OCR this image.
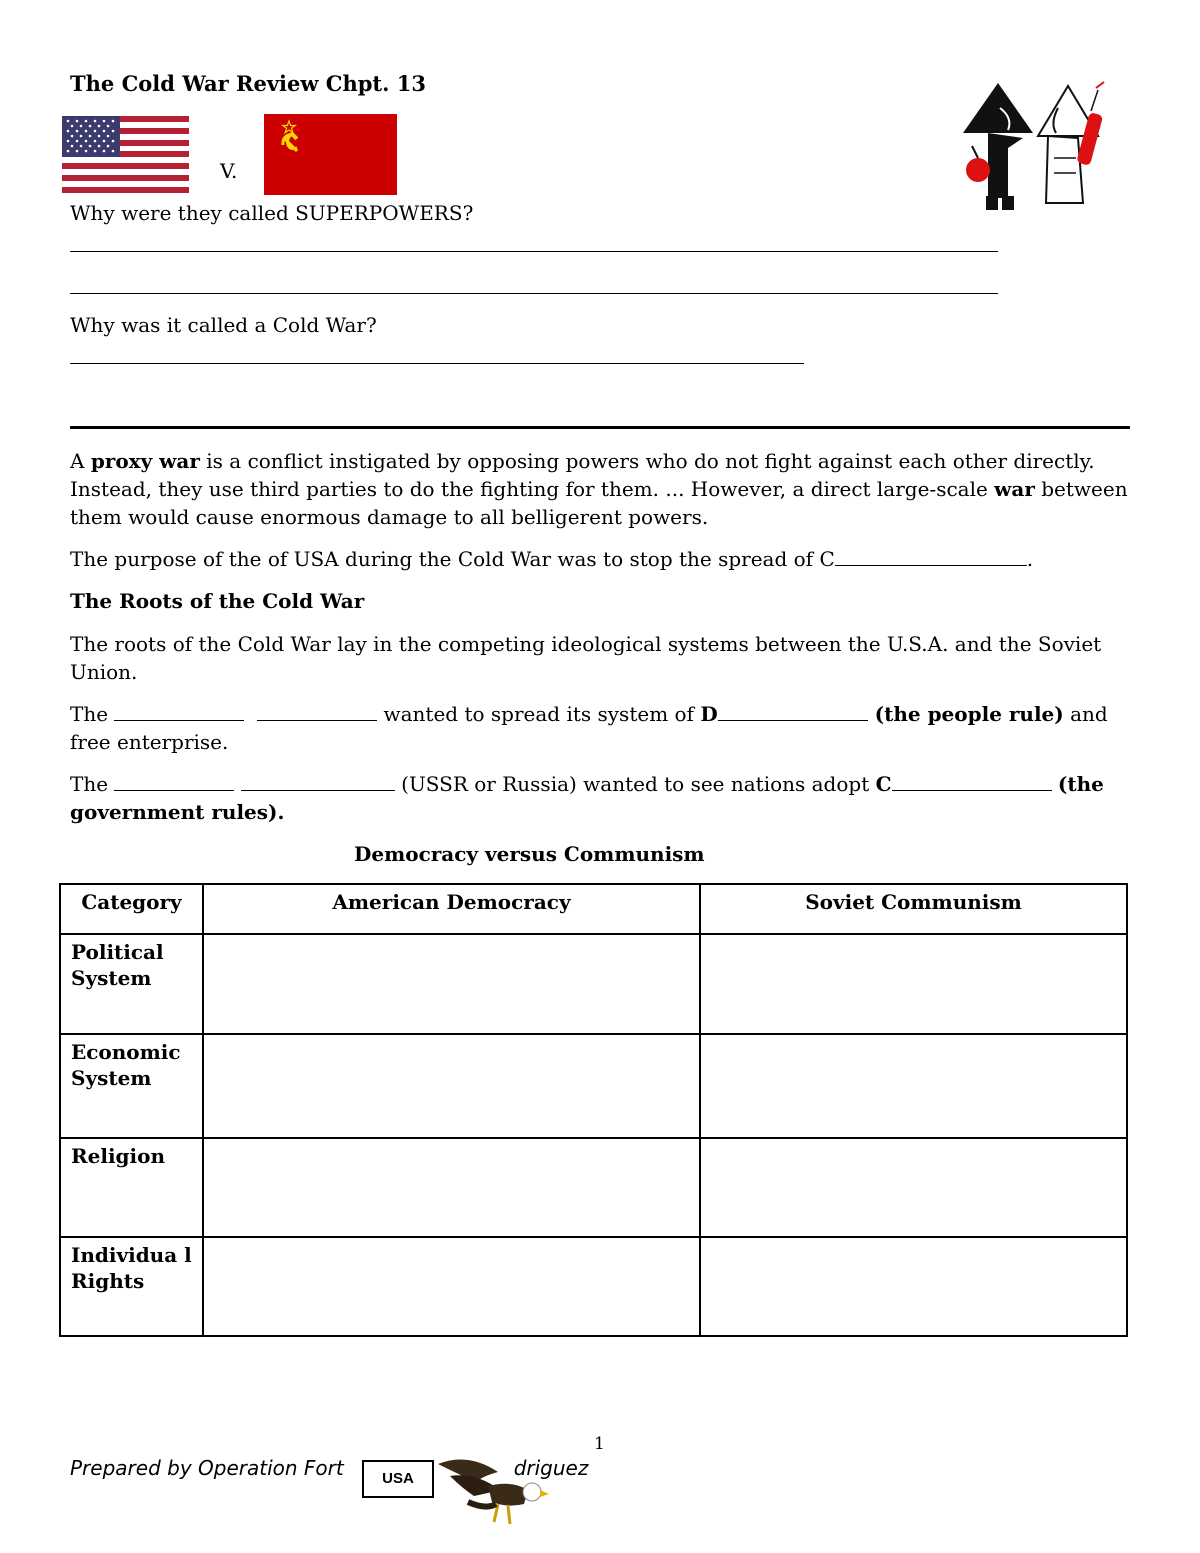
The Cold War Review Chpt. 13
V.
Why were they called SUPERPOWERS?
Why was it called a Cold War?
A proxy war is a conflict instigated by opposing powers who do not fight against each other directly. Instead, they use third parties to do the fighting for them. ... However, a direct large-scale war between them would cause enormous damage to all belligerent powers.
The purpose of the of USA during the Cold War was to stop the spread of C	.
The Roots of the Cold War
The roots of the Cold War lay in the competing ideological systems between the U.S.A. and the Soviet Union.
The	wanted to spread its system of D	(the people rule) and free enterprise.
The	(USSR or Russia) wanted to see nations adopt C	(the government rules).
Democracy versus Communism
Category	American Democracy	Soviet Communism
Political System		
Economic System		
Religion		
Individua l Rights		
1
Prepared by Operation Fort	driguez
USA
